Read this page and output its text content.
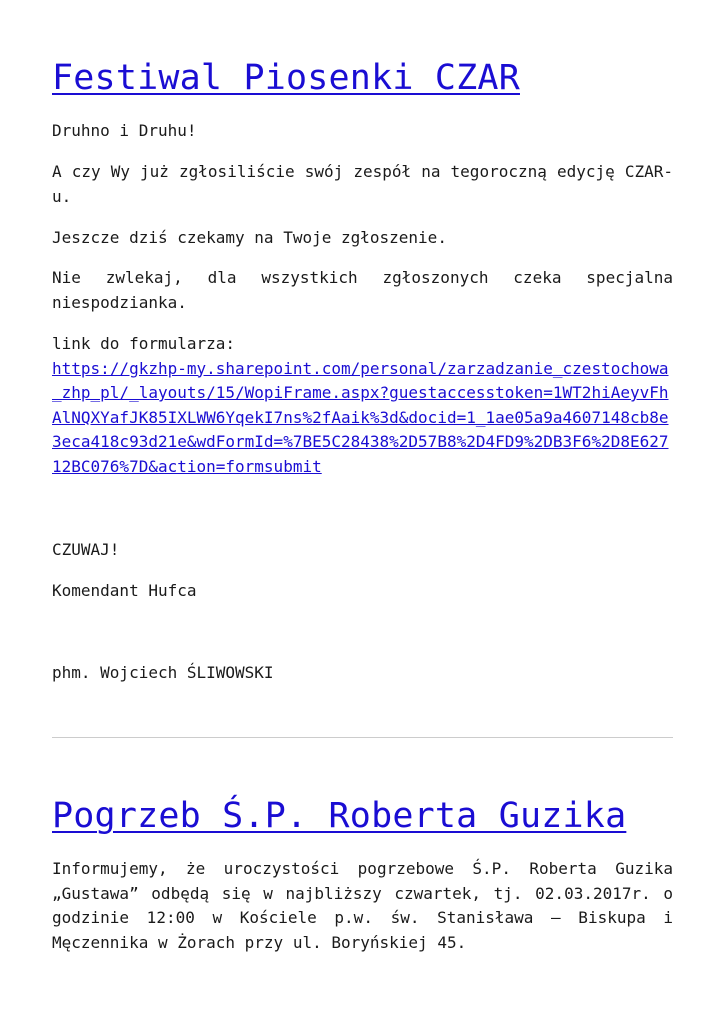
Festiwal Piosenki CZAR

Druhno i Druhu!

A czy Wy już zgłosiliście swój zespół na tegoroczną edycję CZAR-u.

Jeszcze dziś czekamy na Twoje zgłoszenie.

Nie zwlekaj, dla wszystkich zgłoszonych czeka specjalna niespodzianka.

link do formularza:
https://gkzhp-my.sharepoint.com/personal/zarzadzanie_czestochowa_zhp_pl/_layouts/15/WopiFrame.aspx?guestaccesstoken=1WT2hiAeyvFhAlNQXYafJK85IXLWW6YqekI7ns%2fAaik%3d&docid=1_1ae05a9a4607148cb8e3eca418c93d21e&wdFormId=%7BE5C28438%2D57B8%2D4FD9%2DB3F6%2D8E62712BC076%7D&action=formsubmit

CZUWAJ!

Komendant Hufca

phm. Wojciech ŚLIWOWSKI

Pogrzeb Ś.P. Roberta Guzika

Informujemy, że uroczystości pogrzebowe Ś.P. Roberta Guzika „Gustawa” odbędą się w najbliższy czwartek, tj. 02.03.2017r. o godzinie 12:00 w Kościele p.w. św. Stanisława – Biskupa i Męczennika w Żorach przy ul. Boryńskiej 45.
